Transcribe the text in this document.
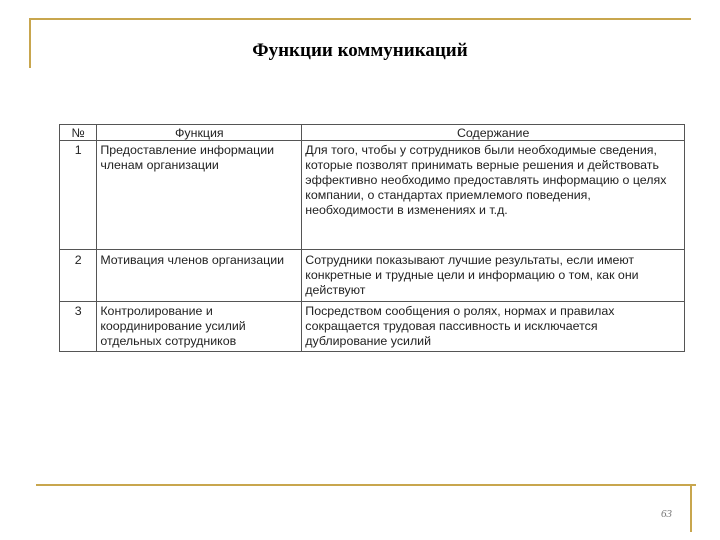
Функции коммуникаций
№	Функция	Содержание
1	Предоставление информации членам организации	Для того, чтобы у сотрудников были необходимые сведения, которые позволят принимать верные решения и действовать эффективно необходимо предоставлять информацию о целях компании, о стандартах приемлемого поведения, необходимости в изменениях и т.д.
2	Мотивация членов организации	Сотрудники показывают лучшие результаты, если имеют конкретные и трудные цели и информацию о том, как они действуют
3	Контролирование и координирование усилий отдельных сотрудников	Посредством сообщения о ролях, нормах и правилах сокращается трудовая пассивность и исключается дублирование усилий
63
